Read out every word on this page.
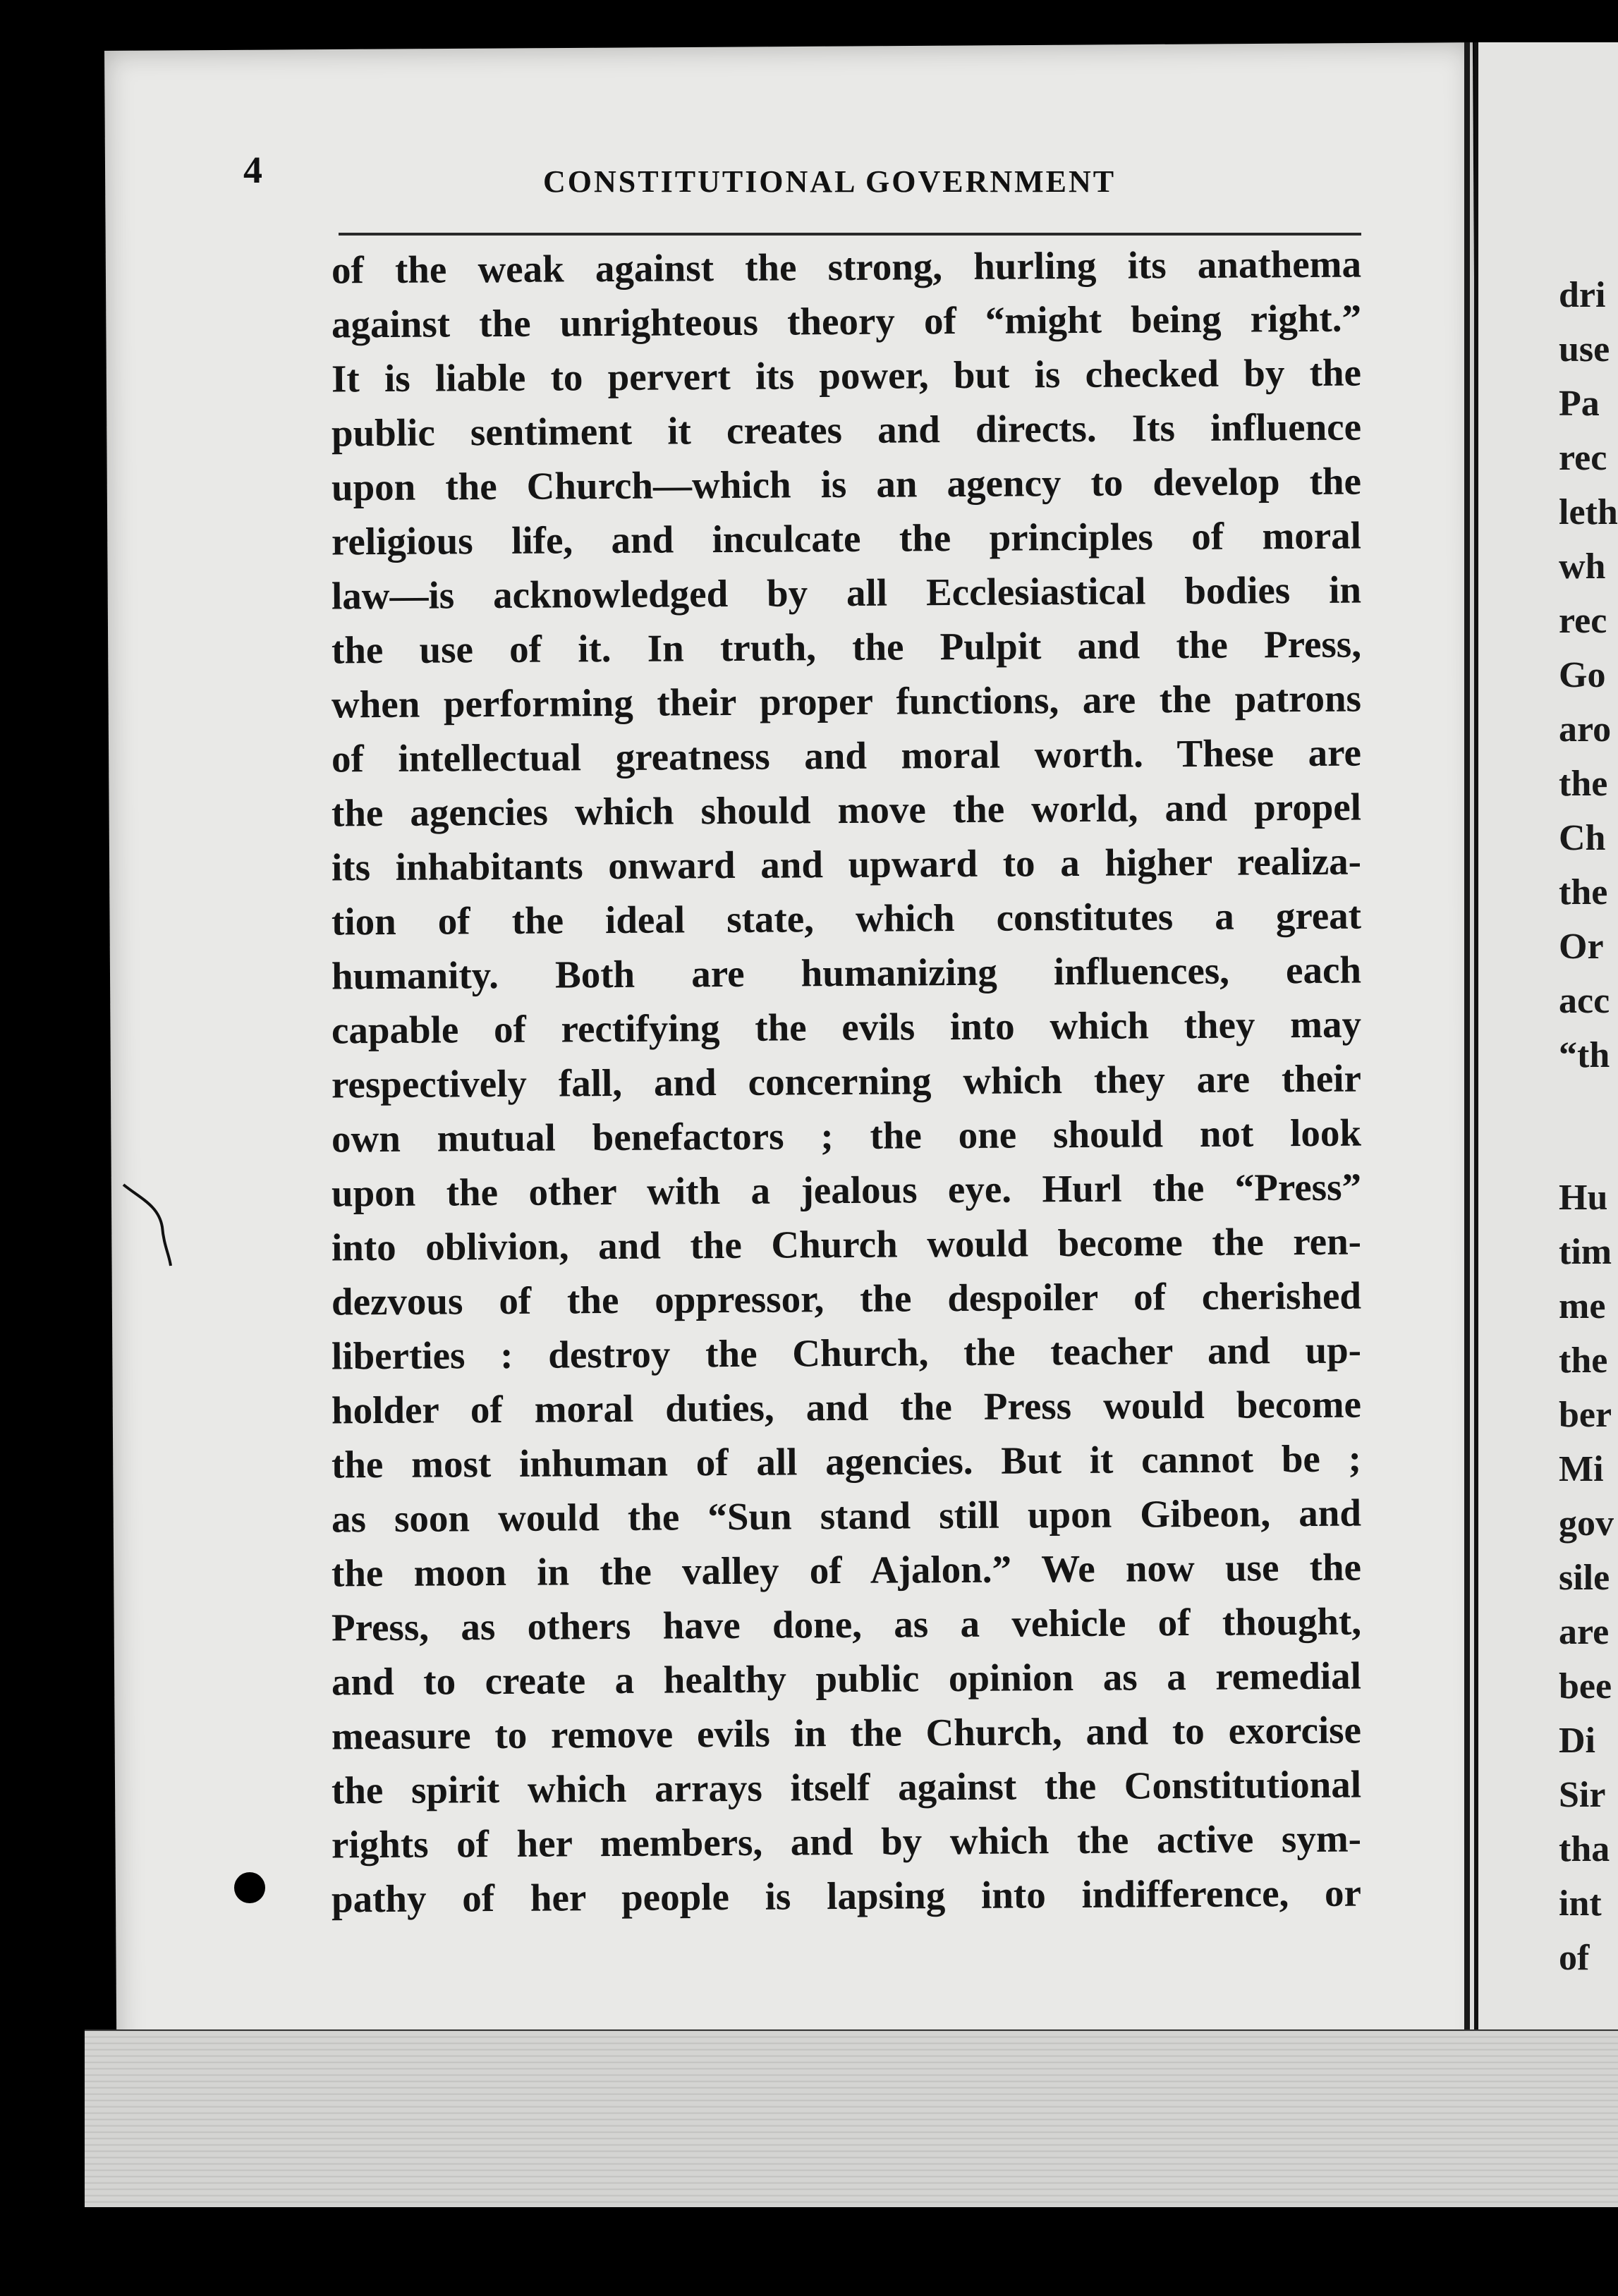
4	CONSTITUTIONAL GOVERNMENT
of the weak against the strong, hurling its anathema
against the unrighteous theory of “might being right.”
It is liable to pervert its power, but is checked by the
public sentiment it creates and directs. Its influence
upon the Church—which is an agency to develop the
religious life, and inculcate the principles of moral
law—is acknowledged by all Ecclesiastical bodies in
the use of it. In truth, the Pulpit and the Press,
when performing their proper functions, are the patrons
of intellectual greatness and moral worth. These are
the agencies which should move the world, and propel
its inhabitants onward and upward to a higher realiza-
tion of the ideal state, which constitutes a great
humanity. Both are humanizing influences, each
capable of rectifying the evils into which they may
respectively fall, and concerning which they are their
own mutual benefactors ; the one should not look
upon the other with a jealous eye. Hurl the “Press”
into oblivion, and the Church would become the ren-
dezvous of the oppressor, the despoiler of cherished
liberties : destroy the Church, the teacher and up-
holder of moral duties, and the Press would become
the most inhuman of all agencies. But it cannot be ;
as soon would the “Sun stand still upon Gibeon, and
the moon in the valley of Ajalon.” We now use the
Press, as others have done, as a vehicle of thought,
and to create a healthy public opinion as a remedial
measure to remove evils in the Church, and to exorcise
the spirit which arrays itself against the Constitutional
rights of her members, and by which the active sym-
pathy of her people is lapsing into indifference, or
dri
use
Pa
rec
leth
wh
rec
Go
aro
the
Ch
the
Or
acc
“th
Hu
tim
me
the
ber
Mi
gov
sile
are
bee
Di
Sir
tha
int
of
